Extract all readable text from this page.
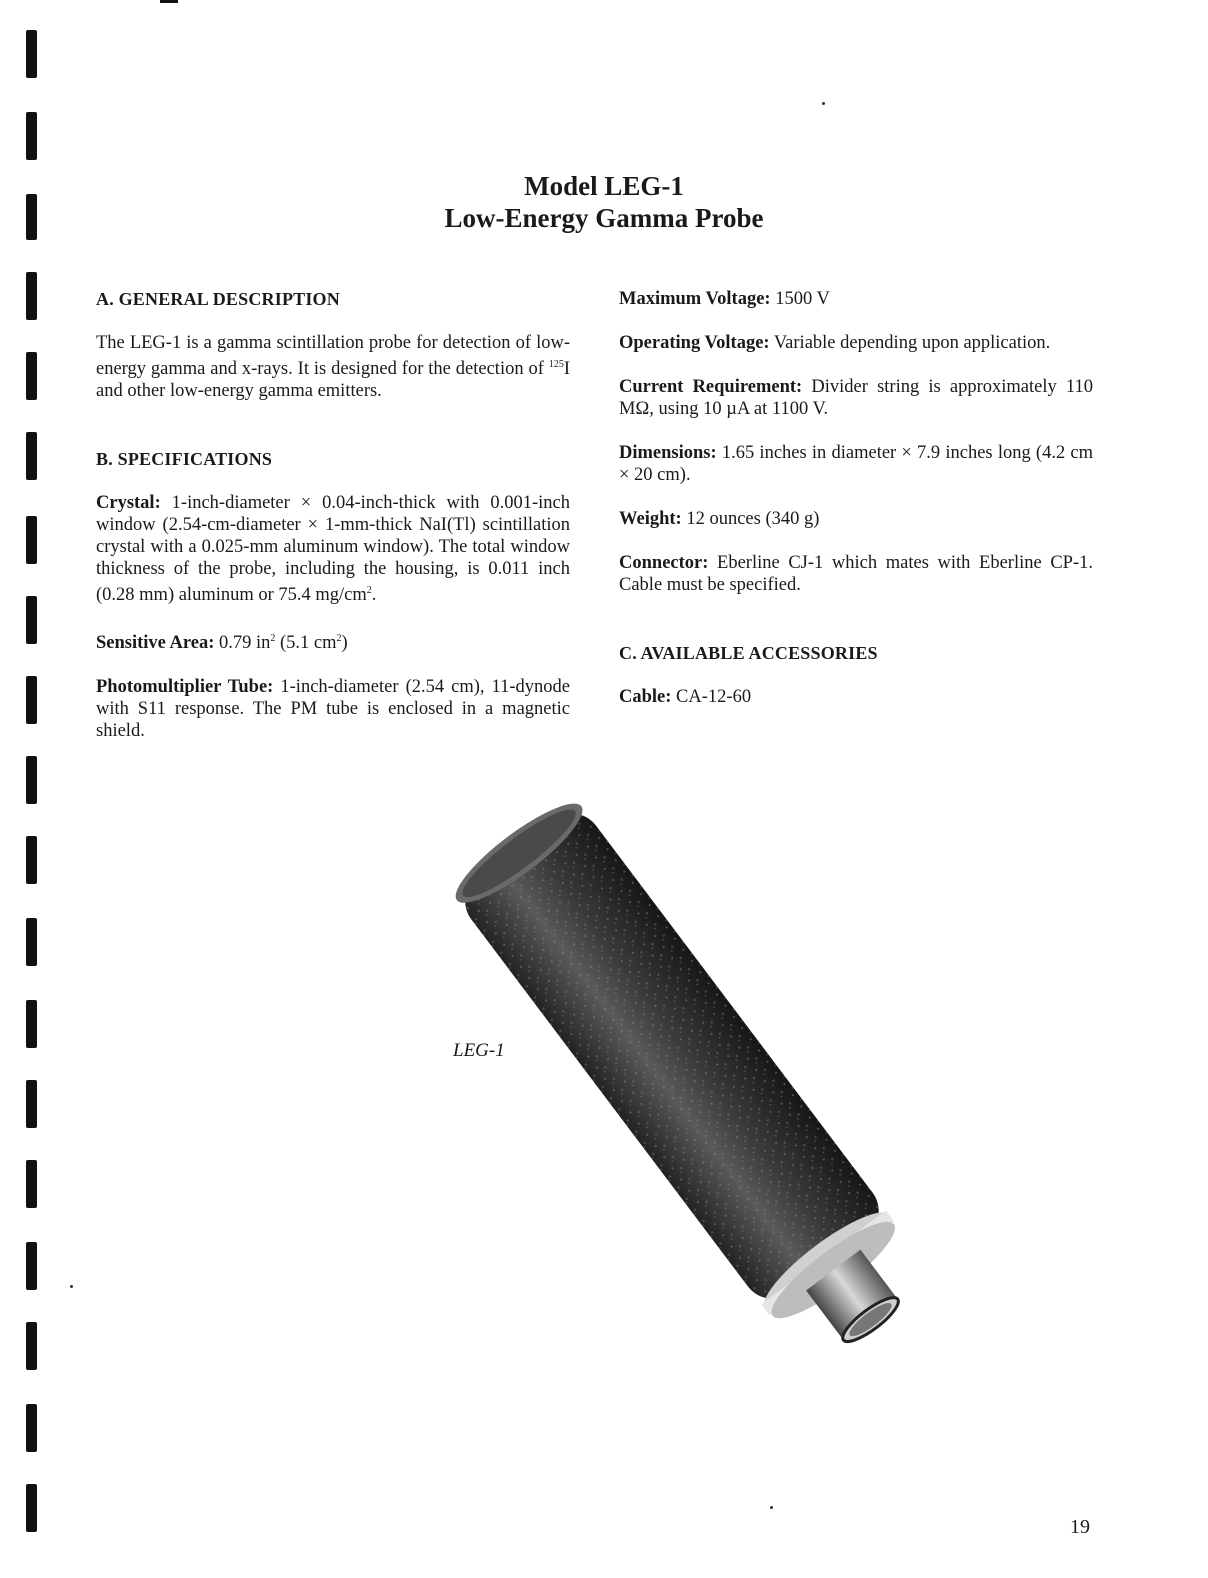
Model LEG-1
Low-Energy Gamma Probe
A. GENERAL DESCRIPTION

The LEG-1 is a gamma scintillation probe for detection of low-energy gamma and x-rays. It is designed for the detection of $^{125}$I and other low-energy gamma emitters.

B. SPECIFICATIONS

Crystal: 1-inch-diameter × 0.04-inch-thick with 0.001-inch window (2.54-cm-diameter × 1-mm-thick NaI(Tl) scintillation crystal with a 0.025-mm aluminum window). The total window thickness of the probe, including the housing, is 0.011 inch (0.28 mm) aluminum or 75.4 $mg/cm^2$.

Sensitive Area: 0.79 $in^2$ (5.1 $cm^2$)

Photomultiplier Tube: 1-inch-diameter (2.54 cm), 11-dynode with S11 response. The PM tube is enclosed in a magnetic shield.

Maximum Voltage: 1500 V

Operating Voltage: Variable depending upon application.

Current Requirement: Divider string is approximately 110 MΩ, using 10 µA at 1100 V.

Dimensions: 1.65 inches in diameter × 7.9 inches long (4.2 cm × 20 cm).

Weight: 12 ounces (340 g)

Connector: Eberline CJ-1 which mates with Eberline CP-1. Cable must be specified.

C. AVAILABLE ACCESSORIES

Cable: CA-12-60

LEG-1
19
